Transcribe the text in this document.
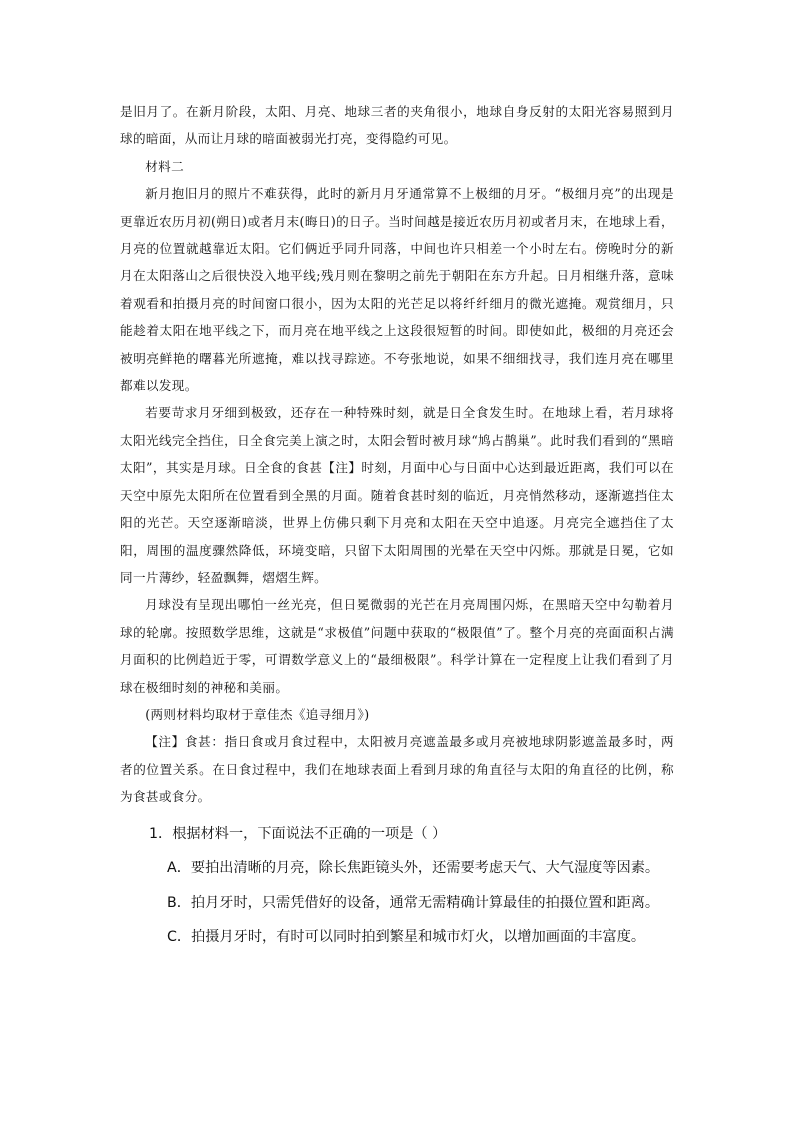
是旧月了。在新月阶段，太阳、月亮、地球三者的夹角很小，地球自身反射的太阳光容易照到月球的暗面，从而让月球的暗面被弱光打亮，变得隐约可见。

材料二

新月抱旧月的照片不难获得，此时的新月月牙通常算不上极细的月牙。“极细月亮”的出现是更靠近农历月初(朔日)或者月末(晦日)的日子。当时间越是接近农历月初或者月末，在地球上看，月亮的位置就越靠近太阳。它们俩近乎同升同落，中间也许只相差一个小时左右。傍晚时分的新月在太阳落山之后很快没入地平线;残月则在黎明之前先于朝阳在东方升起。日月相继升落，意味着观看和拍摄月亮的时间窗口很小，因为太阳的光芒足以将纤纤细月的微光遮掩。观赏细月，只能趁着太阳在地平线之下，而月亮在地平线之上这段很短暂的时间。即使如此，极细的月亮还会被明亮鲜艳的曙暮光所遮掩，难以找寻踪迹。不夸张地说，如果不细细找寻，我们连月亮在哪里都难以发现。

若要苛求月牙细到极致，还存在一种特殊时刻，就是日全食发生时。在地球上看，若月球将太阳光线完全挡住，日全食完美上演之时，太阳会暂时被月球“鸠占鹊巢”。此时我们看到的“黑暗太阳”，其实是月球。日全食的食甚【注】时刻，月面中心与日面中心达到最近距离，我们可以在天空中原先太阳所在位置看到全黑的月面。随着食甚时刻的临近，月亮悄然移动，逐渐遮挡住太阳的光芒。天空逐渐暗淡，世界上仿佛只剩下月亮和太阳在天空中追逐。月亮完全遮挡住了太阳，周围的温度骤然降低，环境变暗，只留下太阳周围的光晕在天空中闪烁。那就是日冕，它如同一片薄纱，轻盈飘舞，熠熠生辉。

月球没有呈现出哪怕一丝光亮，但日冕微弱的光芒在月亮周围闪烁，在黑暗天空中勾勒着月球的轮廓。按照数学思维，这就是“求极值”问题中获取的“极限值”了。整个月亮的亮面面积占满月面积的比例趋近于零，可谓数学意义上的“最细极限”。科学计算在一定程度上让我们看到了月球在极细时刻的神秘和美丽。

(两则材料均取材于章佳杰《追寻细月》)

【注】食甚：指日食或月食过程中，太阳被月亮遮盖最多或月亮被地球阴影遮盖最多时，两者的位置关系。在日食过程中，我们在地球表面上看到月球的角直径与太阳的角直径的比例，称为食甚或食分。

1．根据材料一，下面说法不正确的一项是（ ）

A．要拍出清晰的月亮，除长焦距镜头外，还需要考虑天气、大气湿度等因素。

B．拍月牙时，只需凭借好的设备，通常无需精确计算最佳的拍摄位置和距离。

C．拍摄月牙时，有时可以同时拍到繁星和城市灯火，以增加画面的丰富度。
